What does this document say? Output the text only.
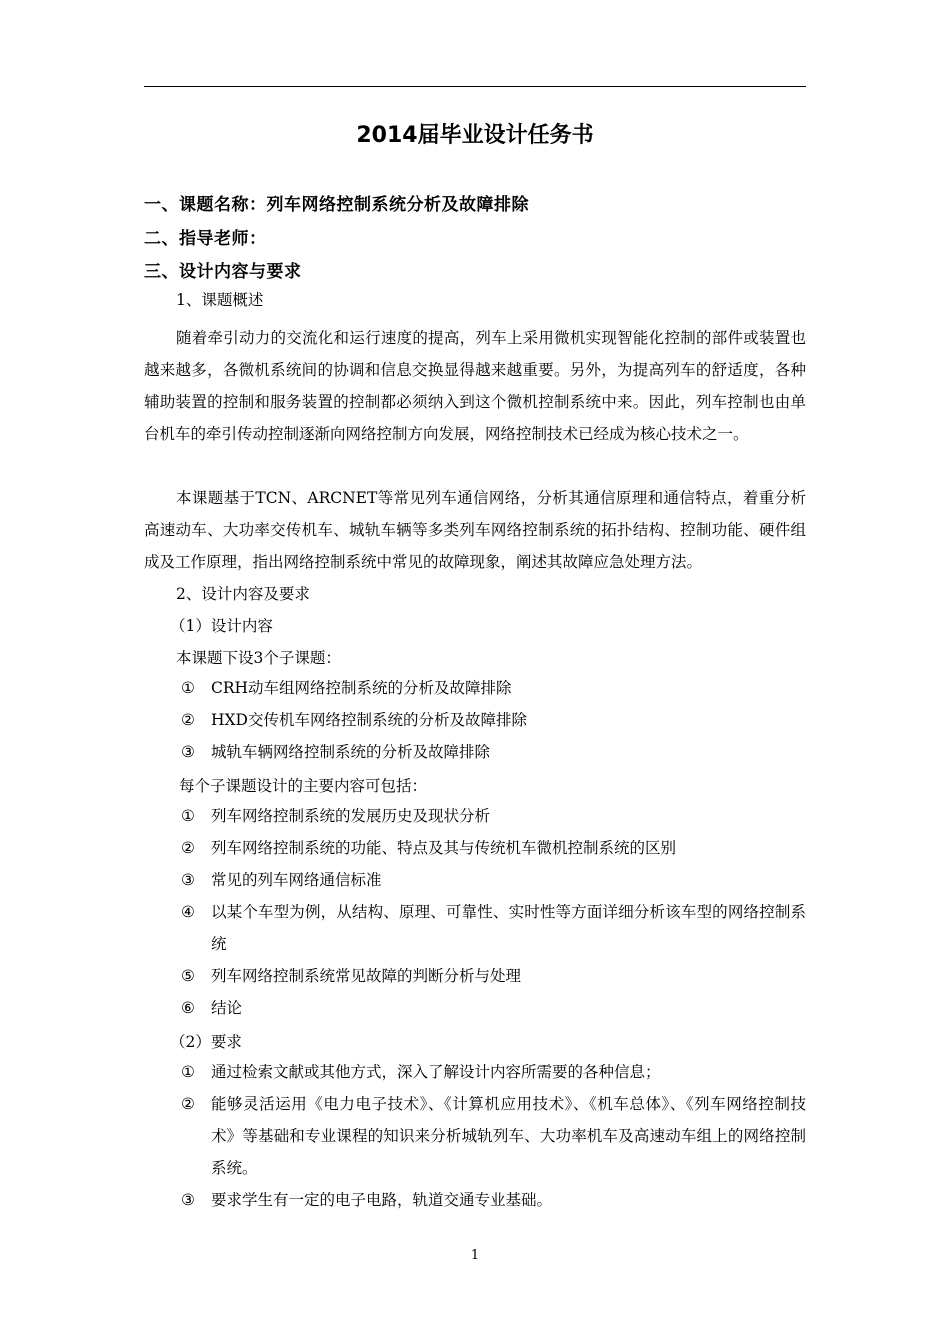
2014届毕业设计任务书
一、课题名称：列车网络控制系统分析及故障排除
二、指导老师：
三、设计内容与要求
1、课题概述
随着牵引动力的交流化和运行速度的提高，列车上采用微机实现智能化控制的部件或装置也越来越多，各微机系统间的协调和信息交换显得越来越重要。另外，为提高列车的舒适度，各种辅助装置的控制和服务装置的控制都必须纳入到这个微机控制系统中来。因此，列车控制也由单台机车的牵引传动控制逐渐向网络控制方向发展，网络控制技术已经成为核心技术之一。
本课题基于TCN、ARCNET等常见列车通信网络，分析其通信原理和通信特点，着重分析高速动车、大功率交传机车、城轨车辆等多类列车网络控制系统的拓扑结构、控制功能、硬件组成及工作原理，指出网络控制系统中常见的故障现象，阐述其故障应急处理方法。
2、设计内容及要求
（1）设计内容
本课题下设3个子课题：
① CRH动车组网络控制系统的分析及故障排除
② HXD交传机车网络控制系统的分析及故障排除
③ 城轨车辆网络控制系统的分析及故障排除
每个子课题设计的主要内容可包括：
① 列车网络控制系统的发展历史及现状分析
② 列车网络控制系统的功能、特点及其与传统机车微机控制系统的区别
③ 常见的列车网络通信标准
④ 以某个车型为例，从结构、原理、可靠性、实时性等方面详细分析该车型的网络控制系统
⑤ 列车网络控制系统常见故障的判断分析与处理
⑥ 结论
（2）要求
① 通过检索文献或其他方式，深入了解设计内容所需要的各种信息；
② 能够灵活运用《电力电子技术》、《计算机应用技术》、《机车总体》、《列车网络控制技术》等基础和专业课程的知识来分析城轨列车、大功率机车及高速动车组上的网络控制系统。
③ 要求学生有一定的电子电路，轨道交通专业基础。
1
